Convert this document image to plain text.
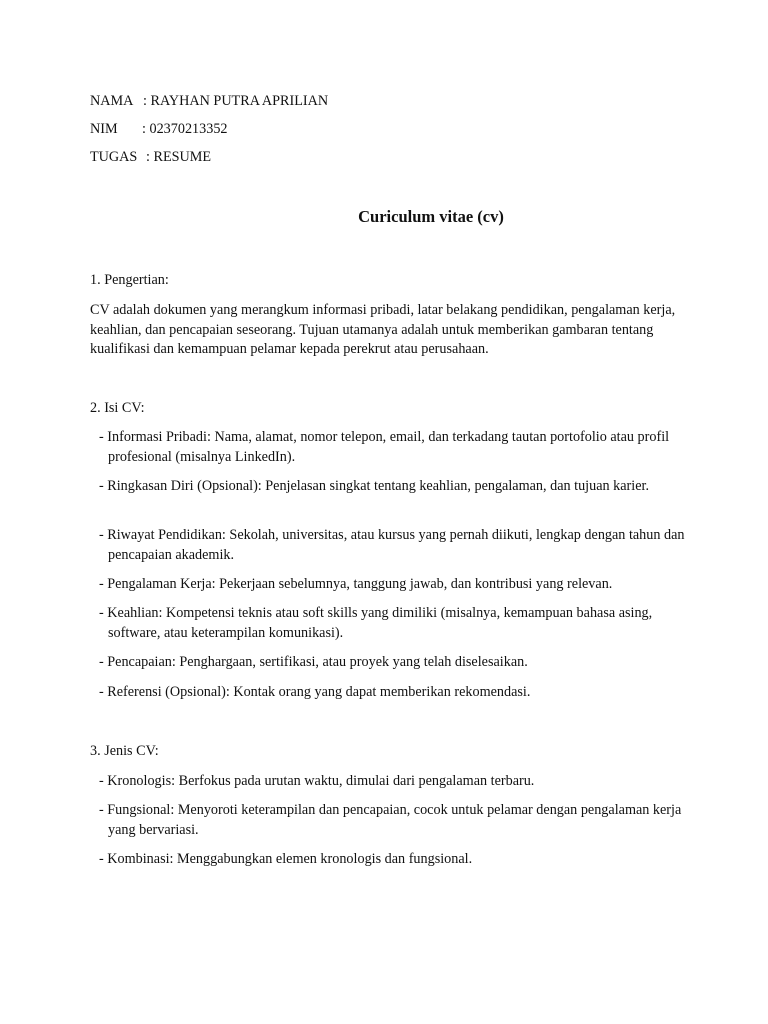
NAMA : RAYHAN PUTRA APRILIAN
NIM : 02370213352
TUGAS : RESUME
Curiculum vitae (cv)
1. Pengertian:
CV adalah dokumen yang merangkum informasi pribadi, latar belakang pendidikan, pengalaman kerja, keahlian, dan pencapaian seseorang. Tujuan utamanya adalah untuk memberikan gambaran tentang kualifikasi dan kemampuan pelamar kepada perekrut atau perusahaan.
2. Isi CV:
- Informasi Pribadi: Nama, alamat, nomor telepon, email, dan terkadang tautan portofolio atau profil profesional (misalnya LinkedIn).
- Ringkasan Diri (Opsional): Penjelasan singkat tentang keahlian, pengalaman, dan tujuan karier.
- Riwayat Pendidikan: Sekolah, universitas, atau kursus yang pernah diikuti, lengkap dengan tahun dan pencapaian akademik.
- Pengalaman Kerja: Pekerjaan sebelumnya, tanggung jawab, dan kontribusi yang relevan.
- Keahlian: Kompetensi teknis atau soft skills yang dimiliki (misalnya, kemampuan bahasa asing, software, atau keterampilan komunikasi).
- Pencapaian: Penghargaan, sertifikasi, atau proyek yang telah diselesaikan.
- Referensi (Opsional): Kontak orang yang dapat memberikan rekomendasi.
3. Jenis CV:
- Kronologis: Berfokus pada urutan waktu, dimulai dari pengalaman terbaru.
- Fungsional: Menyoroti keterampilan dan pencapaian, cocok untuk pelamar dengan pengalaman kerja yang bervariasi.
- Kombinasi: Menggabungkan elemen kronologis dan fungsional.
